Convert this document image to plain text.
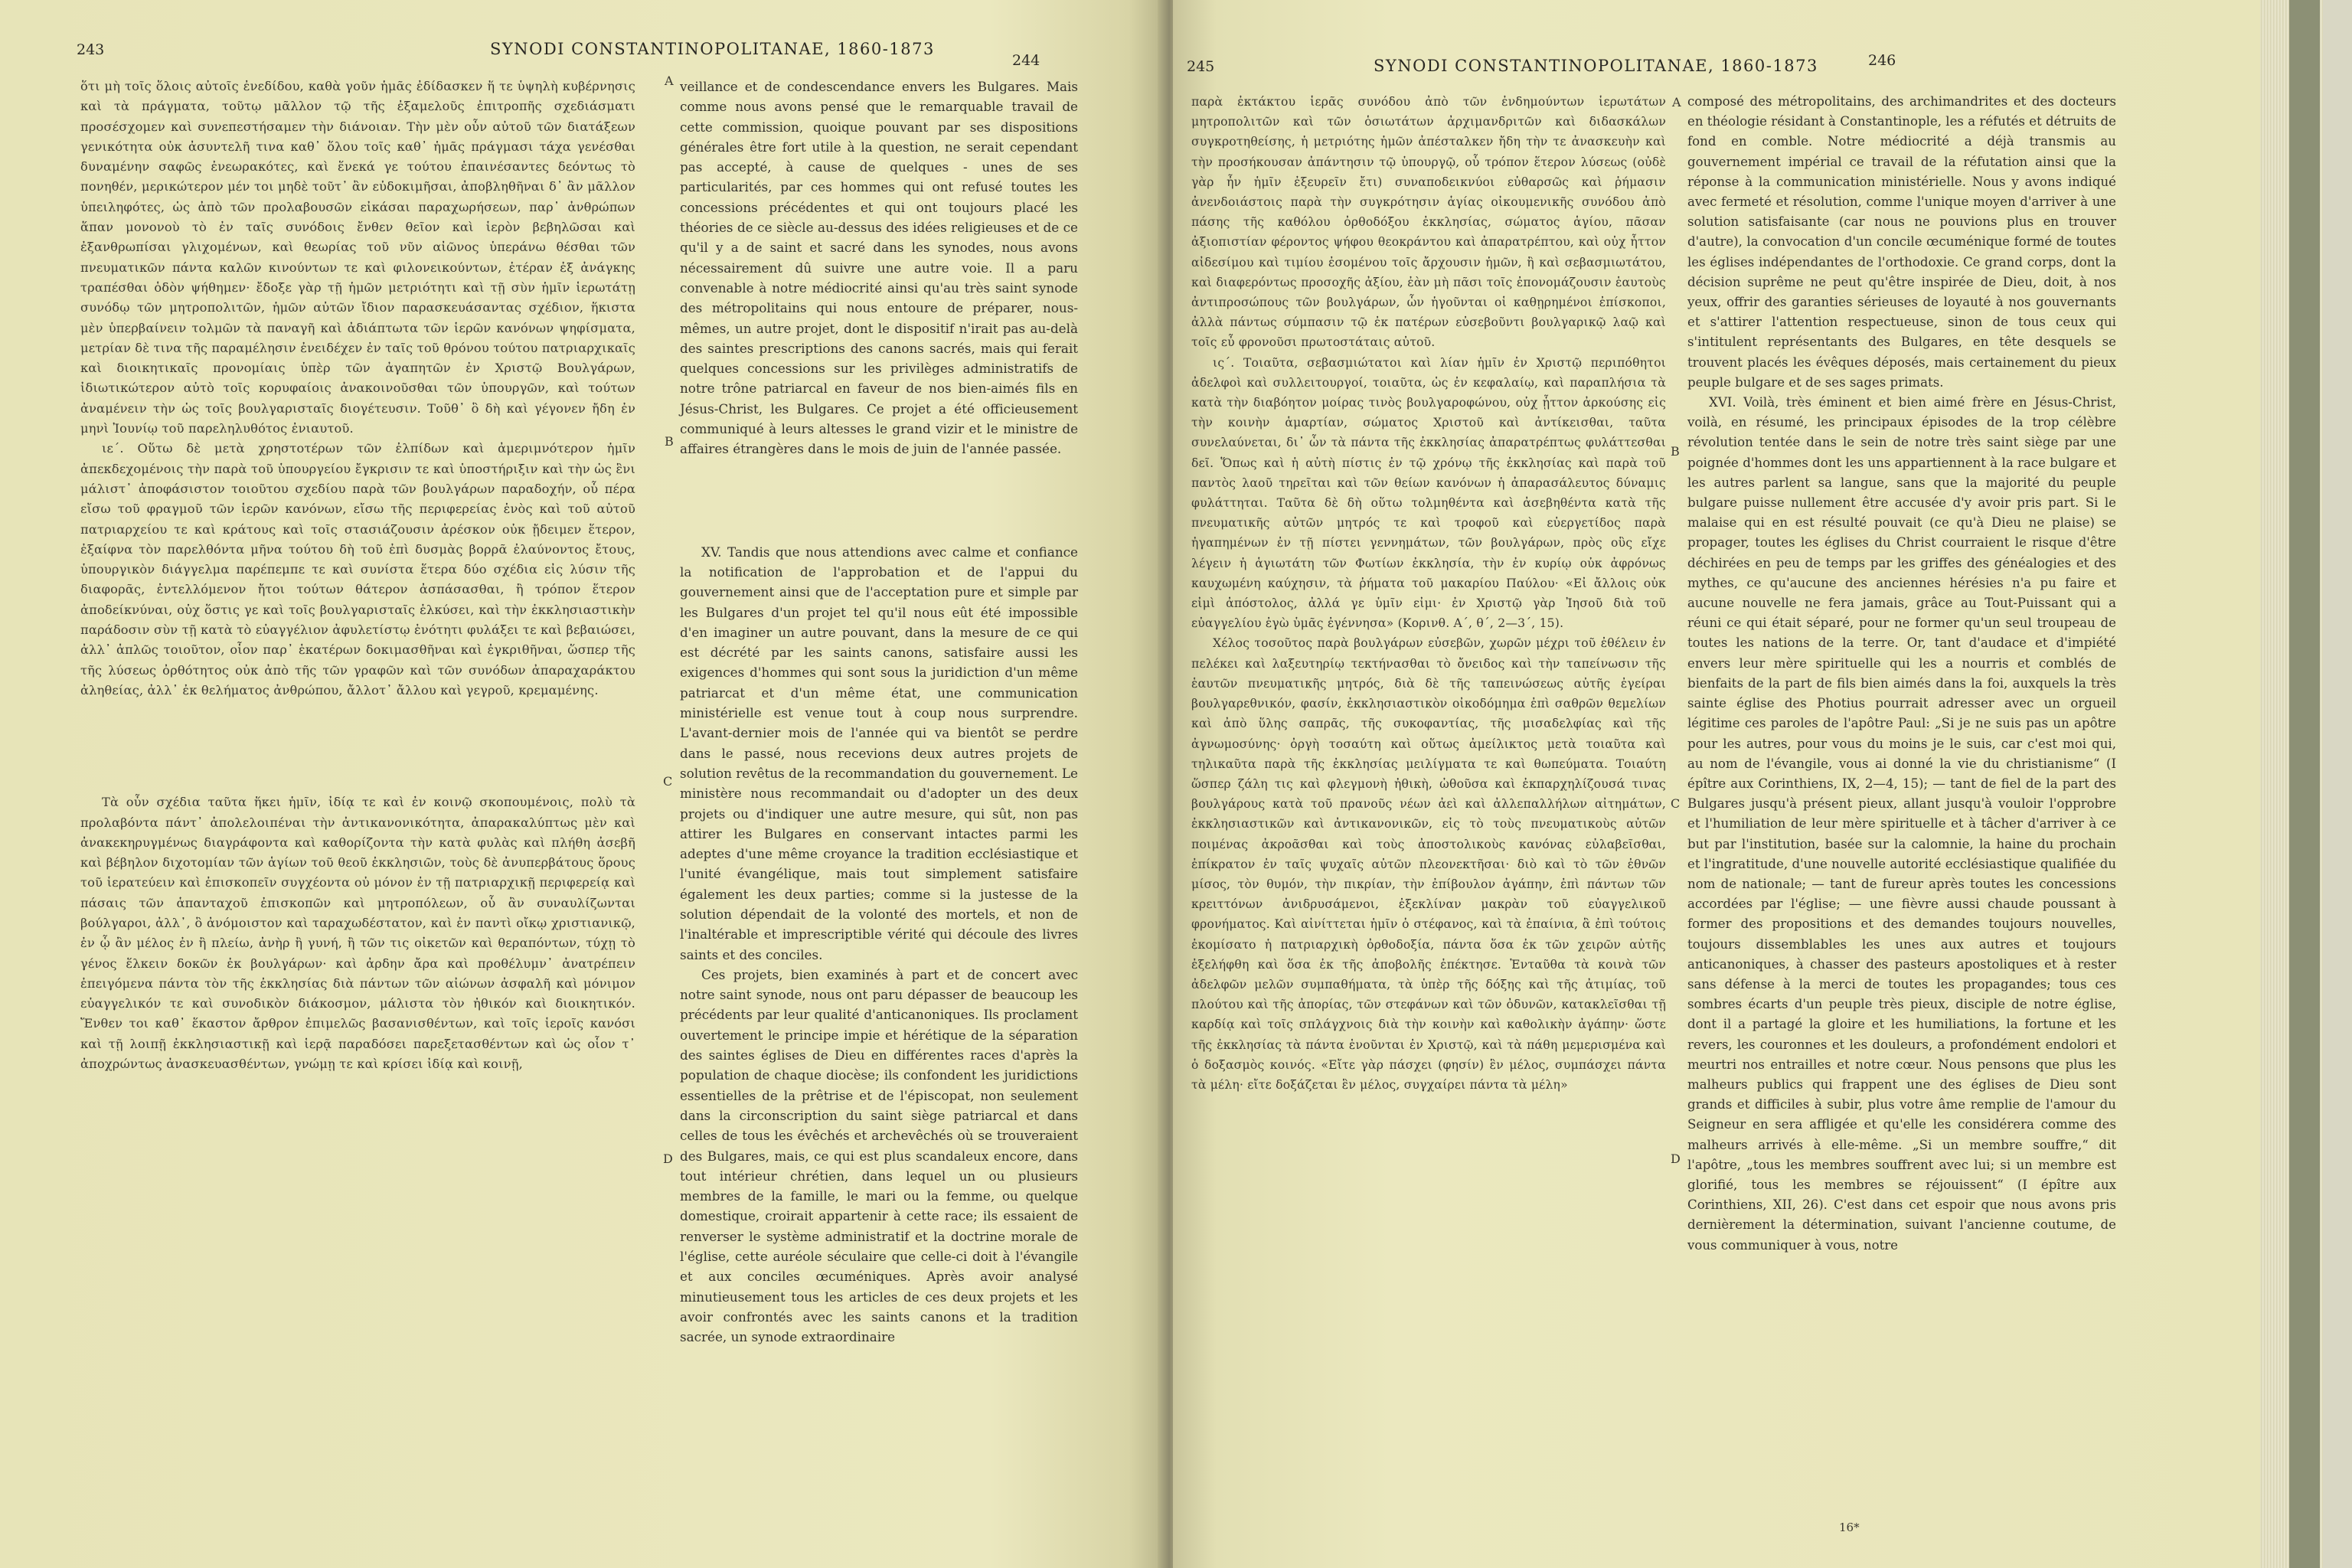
243	SYNODI CONSTANTINOPOLITANAE, 1860-1873
244

ὅτι μὴ τοῖς ὅλοις αὐτοῖς ἐνεδίδου, καθὰ γοῦν ἡμᾶς ἐδίδασκεν ἥ τε ὑψηλὴ κυβέρνησις καὶ τὰ πράγματα, τοῦτῳ μᾶλλον τῷ τῆς ἐξαμελοῦς ἐπιτροπῆς σχεδιάσματι προσέσχομεν καὶ συνεπεστήσαμεν τὴν διάνοιαν. Τὴν μὲν οὖν αὐτοῦ τῶν διατάξεων γενικότητα οὐκ ἀσυντελῆ τινα καθ᾽ ὅλου τοῖς καθ᾽ ἡμᾶς πράγμασι τάχα γενέσθαι δυναμένην σαφῶς ἐνεωρακότες, καὶ ἕνεκά γε τούτου ἐπαινέσαντες δεόντως τὸ πονηθέν, μερικώτερον μέν τοι μηδὲ τοῦτ᾽ ἂν εὐδοκιμῆσαι, ἀποβληθῆναι δ᾽ ἂν μᾶλλον ὑπειληφότες, ὡς ἀπὸ τῶν προλαβουσῶν εἰκάσαι παραχωρήσεων, παρ᾽ ἀνθρώπων ἅπαν μονονοὺ τὸ ἐν ταῖς συνόδοις ἔνθεν θεῖον καὶ ἱερὸν βεβηλῶσαι καὶ ἐξανθρωπίσαι γλιχομένων, καὶ θεωρίας τοῦ νῦν αἰῶνος ὑπεράνω θέσθαι τῶν πνευματικῶν πάντα καλῶν κινούντων τε καὶ φιλονεικούντων, ἑτέραν ἐξ ἀνάγκης τραπέσθαι ὁδὸν ψήθημεν· ἔδοξε γὰρ τῇ ἡμῶν μετριότητι καὶ τῇ σὺν ἡμῖν ἱερωτάτῃ συνόδῳ τῶν μητροπολιτῶν, ἡμῶν αὐτῶν ἴδιον παρασκευάσαντας σχέδιον, ἥκιστα μὲν ὑπερβαίνειν τολμῶν τὰ παναγῆ καὶ ἀδιάπτωτα τῶν ἱερῶν κανόνων ψηφίσματα, μετρίαν δὲ τινα τῆς παραμέλησιν ἐνειδέχεν ἐν ταῖς τοῦ θρόνου τούτου πατριαρχικαῖς καὶ διοικητικαῖς προνομίαις ὑπὲρ τῶν ἀγαπητῶν ἐν Χριστῷ Βουλγάρων, ἰδιωτικώτερον αὐτὸ τοῖς κορυφαίοις ἀνακοινοῦσθαι τῶν ὑπουργῶν, καὶ τούτων ἀναμένειν τὴν ὡς τοῖς βουλγαρισταῖς διογέτευσιν. Τοῦθ᾽ ὃ δὴ καὶ γέγονεν ἤδη ἐν μηνὶ Ἰουνίῳ τοῦ παρεληλυθότος ἐνιαυτοῦ.

ιε΄. Οὕτω δὲ μετὰ χρηστοτέρων τῶν ἐλπίδων καὶ ἀμεριμνότερον ἡμῖν ἀπεκδεχομένοις τὴν παρὰ τοῦ ὑπουργείου ἔγκρισιν τε καὶ ὑποστήριξιν καὶ τὴν ὡς ἓνι μάλιστ᾽ ἀποφάσιστον τοιοῦτου σχεδίου παρὰ τῶν βουλγάρων παραδοχήν, οὗ πέρα εἴσω τοῦ φραγμοῦ τῶν ἱερῶν κανόνων, εἴσω τῆς περιφερείας ἑνὸς καὶ τοῦ αὐτοῦ πατριαρχείου τε καὶ κράτους καὶ τοῖς στασιάζουσιν ἀρέσκον οὐκ ᾔδειμεν ἕτερον, ἐξαίφνα τὸν παρελθόντα μῆνα τούτου δὴ τοῦ ἐπὶ δυσμὰς βορρᾶ ἐλαύνοντος ἔτους, ὑπουργικὸν διάγγελμα παρέπεμπε τε καὶ συνίστα ἕτερα δύο σχέδια εἰς λύσιν τῆς διαφορᾶς, ἐντελλόμενον ἤτοι τούτων θάτερον ἀσπάσασθαι, ἢ τρόπον ἕτερον ἀποδείκνύναι, οὐχ ὅστις γε καὶ τοῖς βουλγαρισταῖς ἑλκύσει, καὶ τὴν ἐκκλησιαστικὴν παράδοσιν σὺν τῇ κατὰ τὸ εὐαγγέλιον ἀφυλετίστῳ ἑνότητι φυλάξει τε καὶ βεβαιώσει, ἀλλ᾽ ἁπλῶς τοιοῦτον, οἷον παρ᾽ ἑκατέρων δοκιμασθῆναι καὶ ἐγκριθῆναι, ὥσπερ τῆς τῆς λύσεως ὀρθότητος οὐκ ἀπὸ τῆς τῶν γραφῶν καὶ τῶν συνόδων ἀπαραχαράκτου ἀληθείας, ἀλλ᾽ ἐκ θελήματος ἀνθρώπου, ἄλλοτ᾽ ἄλλου καὶ γεγροῦ, κρεμαμένης.

Τὰ οὖν σχέδια ταῦτα ἥκει ἡμῖν, ἰδίᾳ τε καὶ ἐν κοινῷ σκοπουμένοις, πολὺ τὰ προλαβόντα πάντ᾽ ἀπολελοιπέναι τὴν ἀντικανονικότητα, ἀπαρακαλύπτως μὲν καὶ ἀνακεκηρυγμένως διαγράφοντα καὶ καθορίζοντα τὴν κατὰ φυλὰς καὶ πλήθη ἀσεβῆ καὶ βέβηλον διχοτομίαν τῶν ἁγίων τοῦ θεοῦ ἐκκλησιῶν, τοὺς δὲ ἀνυπερβάτους ὅρους τοῦ ἱερατεύειν καὶ ἐπισκοπεῖν συγχέοντα οὐ μόνον ἐν τῇ πατριαρχικῇ περιφερείᾳ καὶ πάσαις τῶν ἁπανταχοῦ ἐπισκοπῶν καὶ μητροπόλεων, οὗ ἂν συναυλίζωνται βούλγαροι, ἀλλ᾽, ὃ ἀνόμοιστον καὶ ταραχωδέστατον, καὶ ἐν παντὶ οἴκῳ χριστιανικῷ, ἐν ᾧ ἂν μέλος ἐν ἢ πλείω, ἀνὴρ ἢ γυνή, ἢ τῶν τις οἰκετῶν καὶ θεραπόντων, τύχῃ τὸ γένος ἕλκειν δοκῶν ἐκ βουλγάρων· καὶ ἀρδην ἄρα καὶ προθέλυμν᾽ ἀνατρέπειν ἐπειγόμενα πάντα τὸν τῆς ἐκκλησίας διὰ πάντων τῶν αἰώνων ἀσφαλῆ καὶ μόνιμον εὐαγγελικόν τε καὶ συνοδικὸν διάκοσμον, μάλιστα τὸν ἠθικόν καὶ διοικητικόν. Ἔνθεν τοι καθ᾽ ἕκαστον ἄρθρον ἐπιμελῶς βασανισθέντων, καὶ τοῖς ἱεροῖς κανόσι καὶ τῇ λοιπῇ ἐκκλησιαστικῇ καὶ ἱερᾷ παραδόσει παρεξετασθέντων καὶ ὡς οἷον τ᾽ ἀποχρώντως ἀνασκευασθέντων, γνώμῃ τε καὶ κρίσει ἰδίᾳ καὶ κοινῇ,

A
B
C
D

veillance et de condescendance envers les Bulgares. Mais comme nous avons pensé que le remarquable travail de cette commission, quoique pouvant par ses dispositions générales être fort utile à la question, ne serait cependant pas accepté, à cause de quelques - unes de ses particularités, par ces hommes qui ont refusé toutes les concessions précédentes et qui ont toujours placé les théories de ce siècle au-dessus des idées religieuses et de ce qu'il y a de saint et sacré dans les synodes, nous avons nécessairement dû suivre une autre voie. Il a paru convenable à notre médiocrité ainsi qu'au très saint synode des métropolitains qui nous entoure de préparer, nous-mêmes, un autre projet, dont le dispositif n'irait pas au-delà des saintes prescriptions des canons sacrés, mais qui ferait quelques concessions sur les privilèges administratifs de notre trône patriarcal en faveur de nos bien-aimés fils en Jésus-Christ, les Bulgares. Ce projet a été officieusement communiqué à leurs altesses le grand vizir et le ministre de affaires étrangères dans le mois de juin de l'année passée.

XV. Tandis que nous attendions avec calme et confiance la notification de l'approbation et de l'appui du gouvernement ainsi que de l'acceptation pure et simple par les Bulgares d'un projet tel qu'il nous eût été impossible d'en imaginer un autre pouvant, dans la mesure de ce qui est décrété par les saints canons, satisfaire aussi les exigences d'hommes qui sont sous la juridiction d'un même patriarcat et d'un même état, une communication ministérielle est venue tout à coup nous surprendre. L'avant-dernier mois de l'année qui va bientôt se perdre dans le passé, nous recevions deux autres projets de solution revêtus de la recommandation du gouvernement. Le ministère nous recommandait ou d'adopter un des deux projets ou d'indiquer une autre mesure, qui sût, non pas attirer les Bulgares en conservant intactes parmi les adeptes d'une même croyance la tradition ecclésiastique et l'unité évangélique, mais tout simplement satisfaire également les deux parties; comme si la justesse de la solution dépendait de la volonté des mortels, et non de l'inaltérable et imprescriptible vérité qui découle des livres saints et des conciles.

Ces projets, bien examinés à part et de concert avec notre saint synode, nous ont paru dépasser de beaucoup les précédents par leur qualité d'anticanoniques. Ils proclament ouvertement le principe impie et hérétique de la séparation des saintes églises de Dieu en différentes races d'après la population de chaque diocèse; ils confondent les juridictions essentielles de la prêtrise et de l'épiscopat, non seulement dans la circonscription du saint siège patriarcal et dans celles de tous les évêchés et archevêchés où se trouveraient des Bulgares, mais, ce qui est plus scandaleux encore, dans tout intérieur chrétien, dans lequel un ou plusieurs membres de la famille, le mari ou la femme, ou quelque domestique, croirait appartenir à cette race; ils essaient de renverser le système administratif et la doctrine morale de l'église, cette auréole séculaire que celle-ci doit à l'évangile et aux conciles œcuméniques. Après avoir analysé minutieusement tous les articles de ces deux projets et les avoir confrontés avec les saints canons et la tradition sacrée, un synode extraordinaire

245	SYNODI CONSTANTINOPOLITANAE, 1860-1873	246

παρὰ ἐκτάκτου ἱερᾶς συνόδου ἀπὸ τῶν ἐνδημούντων ἱερωτάτων μητροπολιτῶν καὶ τῶν ὁσιωτάτων ἀρχιμανδριτῶν καὶ διδασκάλων συγκροτηθείσης, ἡ μετριότης ἡμῶν ἀπέσταλκεν ἤδη τὴν τε ἀνασκευὴν καὶ τὴν προσήκουσαν ἀπάντησιν τῷ ὑπουργῷ, οὗ τρόπον ἕτερον λύσεως (οὐδὲ γὰρ ἦν ἡμῖν ἐξευρεῖν ἔτι) συναποδεικνύοι εὐθαρσῶς καὶ ῥήμασιν ἀνενδοιάστοις παρὰ τὴν συγκρότησιν ἁγίας οἰκουμενικῆς συνόδου ἀπὸ πάσης τῆς καθόλου ὀρθοδόξου ἐκκλησίας, σώματος ἁγίου, πᾶσαν ἀξιοπιστίαν φέροντος ψήφου θεοκράντου καὶ ἀπαρατρέπτου, καὶ οὐχ ἧττον αἰδεσίμου καὶ τιμίου ἐσομένου τοῖς ἄρχουσιν ἡμῶν, ἢ καὶ σεβασμιωτάτου, καὶ διαφερόντως προσοχῆς ἀξίου, ἐὰν μὴ πᾶσι τοῖς ἐπονομάζουσιν ἑαυτοὺς ἀντιπροσώπους τῶν βουλγάρων, ὧν ἡγοῦνται οἱ καθῃρημένοι ἐπίσκοποι, ἀλλὰ πάντως σύμπασιν τῷ ἐκ πατέρων εὐσεβοῦντι βουλγαρικῷ λαῷ καὶ τοῖς εὖ φρονοῦσι πρωτοστάταις αὐτοῦ.

ις΄. Τοιαῦτα, σεβασμιώτατοι καὶ λίαν ἡμῖν ἐν Χριστῷ περιπόθητοι ἀδελφοὶ καὶ συλλειτουργοί, τοιαῦτα, ὡς ἐν κεφαλαίῳ, καὶ παραπλήσια τὰ κατὰ τὴν διαβόητον μοίρας τινὸς βουλγαροφώνου, οὐχ ᾗττον ἀρκούσης εἰς τὴν κοινὴν ἁμαρτίαν, σώματος Χριστοῦ καὶ ἀντίκεισθαι, ταῦτα συνελαύνεται, δι᾽ ὧν τὰ πάντα τῆς ἐκκλησίας ἀπαρατρέπτως φυλάττεσθαι δεῖ. Ὅπως καὶ ἡ αὐτὴ πίστις ἐν τῷ χρόνῳ τῆς ἐκκλησίας καὶ παρὰ τοῦ παντὸς λαοῦ τηρεῖται καὶ τῶν θείων κανόνων ἡ ἀπαρασάλευτος δύναμις φυλάττηται. Ταῦτα δὲ δὴ οὕτω τολμηθέντα καὶ ἀσεβηθέντα κατὰ τῆς πνευματικῆς αὐτῶν μητρός τε καὶ τροφοῦ καὶ εὐεργετίδος παρὰ ἠγαπημένων ἐν τῇ πίστει γεννημάτων, τῶν βουλγάρων, πρὸς οὓς εἴχε λέγειν ἡ ἁγιωτάτη τῶν Φωτίων ἐκκλησία, τὴν ἐν κυρίῳ οὐκ ἀφρόνως καυχωμένη καύχησιν, τὰ ῥήματα τοῦ μακαρίου Παύλου· «Εἰ ἄλλοις οὐκ εἰμὶ ἀπόστολος, ἀλλά γε ὑμῖν εἰμι· ἐν Χριστῷ γὰρ Ἰησοῦ διὰ τοῦ εὐαγγελίου ἐγὼ ὑμᾶς ἐγέννησα» (Κορινθ. Α΄, θ΄, 2—3΄, 15).

Χέλος τοσοῦτος παρὰ βουλγάρων εὐσεβῶν, χωρῶν μέχρι τοῦ ἐθέλειν ἐν πελέκει καὶ λαξευτηρίῳ τεκτήνασθαι τὸ ὄνειδος καὶ τὴν ταπείνωσιν τῆς ἑαυτῶν πνευματικῆς μητρός, διὰ δὲ τῆς ταπεινώσεως αὐτῆς ἐγείραι βουλγαρεθνικόν, φασίν, ἐκκλησιαστικὸν οἰκοδόμημα ἐπὶ σαθρῶν θεμελίων καὶ ἀπὸ ὕλης σαπρᾶς, τῆς συκοφαντίας, τῆς μισαδελφίας καὶ τῆς ἀγνωμοσύνης· ὀργὴ τοσαύτη καὶ οὕτως ἀμείλικτος μετὰ τοιαῦτα καὶ τηλικαῦτα παρὰ τῆς ἐκκλησίας μειλίγματα τε καὶ θωπεύματα. Τοιαύτη ὥσπερ ζάλη τις καὶ φλεγμονὴ ἠθικὴ, ὠθοῦσα καὶ ἐκπαρχηλίζουσά τινας βουλγάρους κατὰ τοῦ πρανοῦς νέων ἀεὶ καὶ ἀλλεπαλλήλων αἰτημάτων, ἐκκλησιαστικῶν καὶ ἀντικανονικῶν, εἰς τὸ τοὺς πνευματικοὺς αὐτῶν ποιμένας ἀκροᾶσθαι καὶ τοὺς ἀποστολικοὺς κανόνας εὐλαβεῖσθαι, ἐπίκρατον ἐν ταῖς ψυχαῖς αὐτῶν πλεονεκτῆσαι· διὸ καὶ τὸ τῶν ἐθνῶν μίσος, τὸν θυμόν, τὴν πικρίαν, τὴν ἐπίβουλον ἀγάπην, ἐπὶ πάντων τῶν κρειττόνων ἀνιδρυσάμενοι, ἐξεκλίναν μακρὰν τοῦ εὐαγγελικοῦ φρονήματος. Καὶ αἰνίττεται ἡμῖν ὁ στέφανος, καὶ τὰ ἐπαίνια, ἃ ἐπὶ τούτοις ἐκομίσατο ἡ πατριαρχικὴ ὀρθοδοξία, πάντα ὅσα ἐκ τῶν χειρῶν αὐτῆς ἐξελήφθη καὶ ὅσα ἐκ τῆς ἀποβολῆς ἐπέκτησε. Ἐνταῦθα τὰ κοινὰ τῶν ἀδελφῶν μελῶν συμπαθήματα, τὰ ὑπὲρ τῆς δόξης καὶ τῆς ἀτιμίας, τοῦ πλούτου καὶ τῆς ἀπορίας, τῶν στεφάνων καὶ τῶν ὀδυνῶν, κατακλεῖσθαι τῇ καρδίᾳ καὶ τοῖς σπλάγχνοις διὰ τὴν κοινὴν καὶ καθολικὴν ἀγάπην· ὥστε τῆς ἐκκλησίας τὰ πάντα ἑνοῦνται ἐν Χριστῷ, καὶ τὰ πάθη μεμερισμένα καὶ ὁ δοξασμὸς κοινός. «Εἴτε γὰρ πάσχει (φησίν) ἓν μέλος, συμπάσχει πάντα τὰ μέλη· εἴτε δοξάζεται ἓν μέλος, συγχαίρει πάντα τὰ μέλη»

A
B
C
D

composé des métropolitains, des archimandrites et des docteurs en théologie résidant à Constantinople, les a réfutés et détruits de fond en comble. Notre médiocrité a déjà transmis au gouvernement impérial ce travail de la réfutation ainsi que la réponse à la communication ministérielle. Nous y avons indiqué avec fermeté et résolution, comme l'unique moyen d'arriver à une solution satisfaisante (car nous ne pouvions plus en trouver d'autre), la convocation d'un concile œcuménique formé de toutes les églises indépendantes de l'orthodoxie. Ce grand corps, dont la décision suprême ne peut qu'être inspirée de Dieu, doit, à nos yeux, offrir des garanties sérieuses de loyauté à nos gouvernants et s'attirer l'attention respectueuse, sinon de tous ceux qui s'intitulent représentants des Bulgares, en tête desquels se trouvent placés les évêques déposés, mais certainement du pieux peuple bulgare et de ses sages primats.

XVI. Voilà, très éminent et bien aimé frère en Jésus-Christ, voilà, en résumé, les principaux épisodes de la trop célèbre révolution tentée dans le sein de notre très saint siège par une poignée d'hommes dont les uns appartiennent à la race bulgare et les autres parlent sa langue, sans que la majorité du peuple bulgare puisse nullement être accusée d'y avoir pris part. Si le malaise qui en est résulté pouvait (ce qu'à Dieu ne plaise) se propager, toutes les églises du Christ courraient le risque d'être déchirées en peu de temps par les griffes des généalogies et des mythes, ce qu'aucune des anciennes hérésies n'a pu faire et aucune nouvelle ne fera jamais, grâce au Tout-Puissant qui a réuni ce qui était séparé, pour ne former qu'un seul troupeau de toutes les nations de la terre. Or, tant d'audace et d'impiété envers leur mère spirituelle qui les a nourris et comblés de bienfaits de la part de fils bien aimés dans la foi, auxquels la très sainte église des Photius pourrait adresser avec un orgueil légitime ces paroles de l'apôtre Paul: „Si je ne suis pas un apôtre pour les autres, pour vous du moins je le suis, car c'est moi qui, au nom de l'évangile, vous ai donné la vie du christianisme“ (I épître aux Corinthiens, IX, 2—4, 15); — tant de fiel de la part des Bulgares jusqu'à présent pieux, allant jusqu'à vouloir l'opprobre et l'humiliation de leur mère spirituelle et à tâcher d'arriver à ce but par l'institution, basée sur la calomnie, la haine du prochain et l'ingratitude, d'une nouvelle autorité ecclésiastique qualifiée du nom de nationale; — tant de fureur après toutes les concessions accordées par l'église; — une fièvre aussi chaude poussant à former des propositions et des demandes toujours nouvelles, toujours dissemblables les unes aux autres et toujours anticanoniques, à chasser des pasteurs apostoliques et à rester sans défense à la merci de toutes les propagandes; tous ces sombres écarts d'un peuple très pieux, disciple de notre église, dont il a partagé la gloire et les humiliations, la fortune et les revers, les couronnes et les douleurs, a profondément endolori et meurtri nos entrailles et notre cœur. Nous pensons que plus les malheurs publics qui frappent une des églises de Dieu sont grands et difficiles à subir, plus votre âme remplie de l'amour du Seigneur en sera affligée et qu'elle les considérera comme des malheurs arrivés à elle-même. „Si un membre souffre,“ dit l'apôtre, „tous les membres souffrent avec lui; si un membre est glorifié, tous les membres se réjouissent“ (I épître aux Corinthiens, XII, 26). C'est dans cet espoir que nous avons pris dernièrement la détermination, suivant l'ancienne coutume, de vous communiquer à vous, notre

16*
